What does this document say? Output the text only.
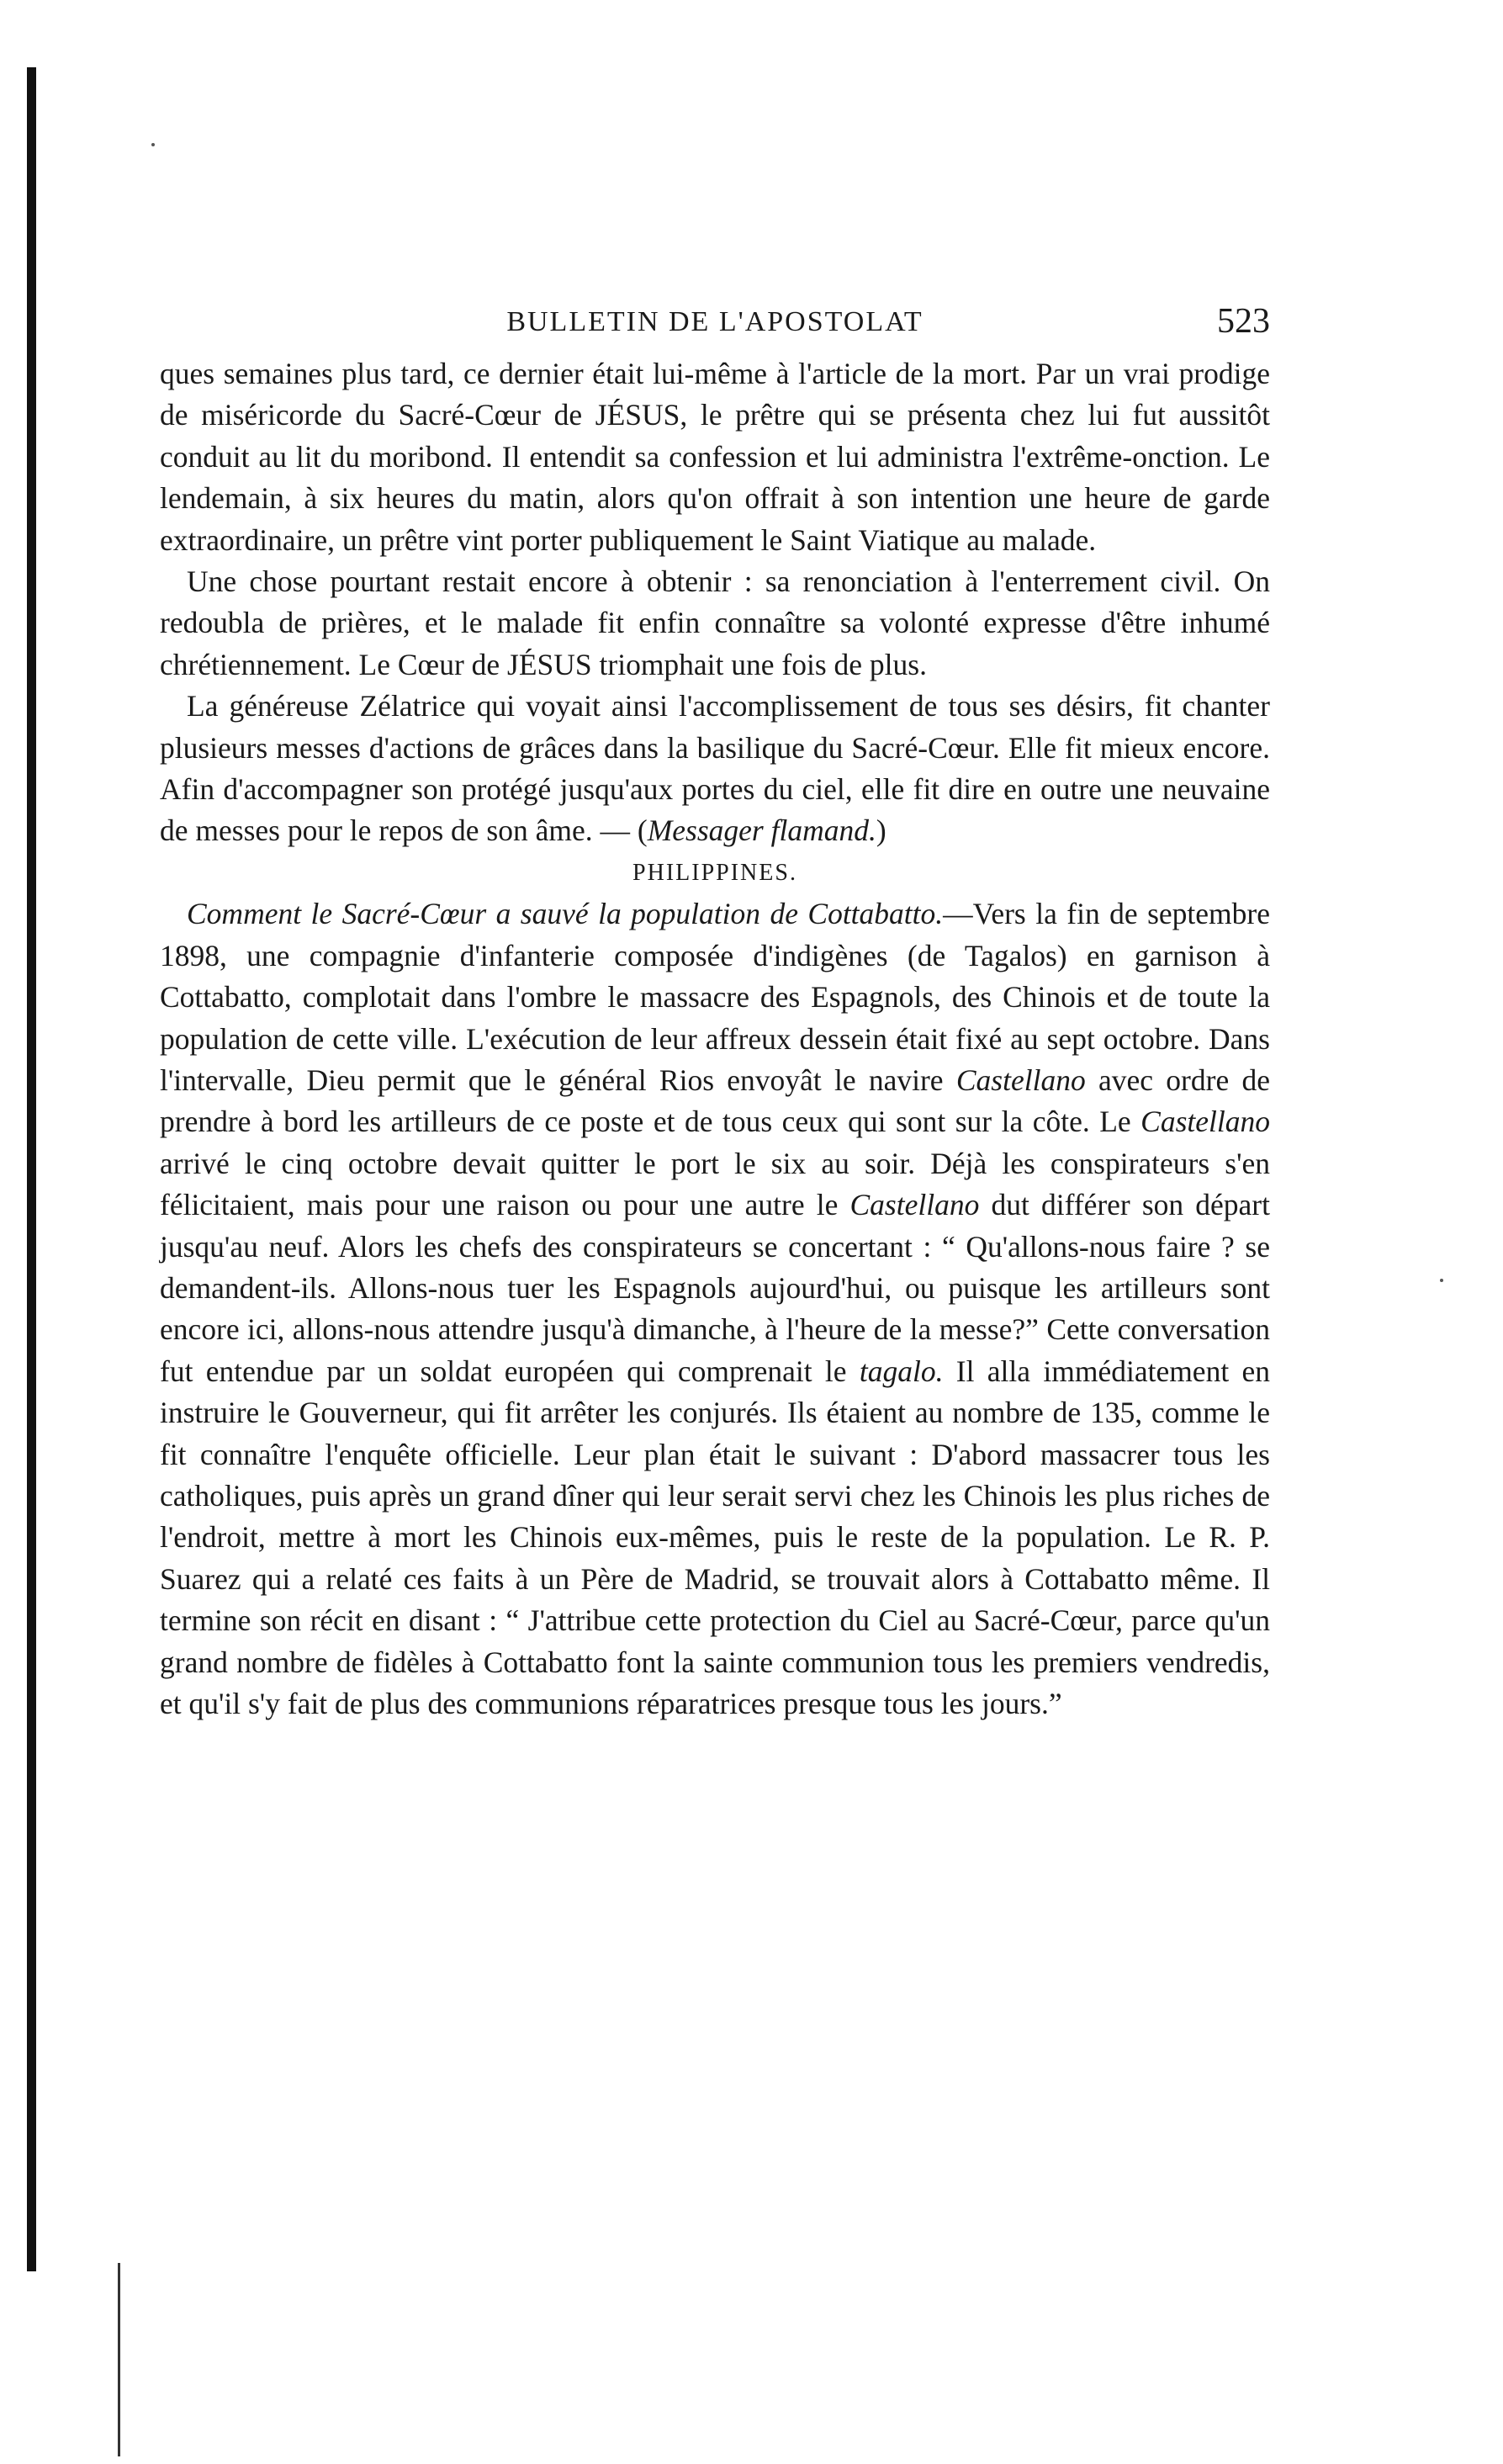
BULLETIN DE L'APOSTOLAT	523

ques semaines plus tard, ce dernier était lui-même à l'article de la mort. Par un vrai prodige de miséricorde du Sacré-Cœur de JÉSUS, le prêtre qui se présenta chez lui fut aussitôt conduit au lit du moribond. Il entendit sa confession et lui administra l'extrême-onction. Le lendemain, à six heures du matin, alors qu'on offrait à son intention une heure de garde extraordinaire, un prêtre vint porter publiquement le Saint Viatique au malade.

Une chose pourtant restait encore à obtenir : sa renonciation à l'enterrement civil. On redoubla de prières, et le malade fit enfin connaître sa volonté expresse d'être inhumé chrétiennement. Le Cœur de JÉSUS triomphait une fois de plus.

La généreuse Zélatrice qui voyait ainsi l'accomplissement de tous ses désirs, fit chanter plusieurs messes d'actions de grâces dans la basilique du Sacré-Cœur. Elle fit mieux encore. Afin d'accompagner son protégé jusqu'aux portes du ciel, elle fit dire en outre une neuvaine de messes pour le repos de son âme. — (Messager flamand.)

PHILIPPINES.

Comment le Sacré-Cœur a sauvé la population de Cottabatto.—Vers la fin de septembre 1898, une compagnie d'infanterie composée d'indigènes (de Tagalos) en garnison à Cottabatto, complotait dans l'ombre le massacre des Espagnols, des Chinois et de toute la population de cette ville. L'exécution de leur affreux dessein était fixé au sept octobre. Dans l'intervalle, Dieu permit que le général Rios envoyât le navire Castellano avec ordre de prendre à bord les artilleurs de ce poste et de tous ceux qui sont sur la côte. Le Castellano arrivé le cinq octobre devait quitter le port le six au soir. Déjà les conspirateurs s'en félicitaient, mais pour une raison ou pour une autre le Castellano dut différer son départ jusqu'au neuf. Alors les chefs des conspirateurs se concertant : “ Qu'allons-nous faire ? se demandent-ils. Allons-nous tuer les Espagnols aujourd'hui, ou puisque les artilleurs sont encore ici, allons-nous attendre jusqu'à dimanche, à l'heure de la messe?” Cette conversation fut entendue par un soldat européen qui comprenait le tagalo. Il alla immédiatement en instruire le Gouverneur, qui fit arrêter les conjurés. Ils étaient au nombre de 135, comme le fit connaître l'enquête officielle. Leur plan était le suivant : D'abord massacrer tous les catholiques, puis après un grand dîner qui leur serait servi chez les Chinois les plus riches de l'endroit, mettre à mort les Chinois eux-mêmes, puis le reste de la population. Le R. P. Suarez qui a relaté ces faits à un Père de Madrid, se trouvait alors à Cottabatto même. Il termine son récit en disant : “ J'attribue cette protection du Ciel au Sacré-Cœur, parce qu'un grand nombre de fidèles à Cottabatto font la sainte communion tous les premiers vendredis, et qu'il s'y fait de plus des communions réparatrices presque tous les jours.”
